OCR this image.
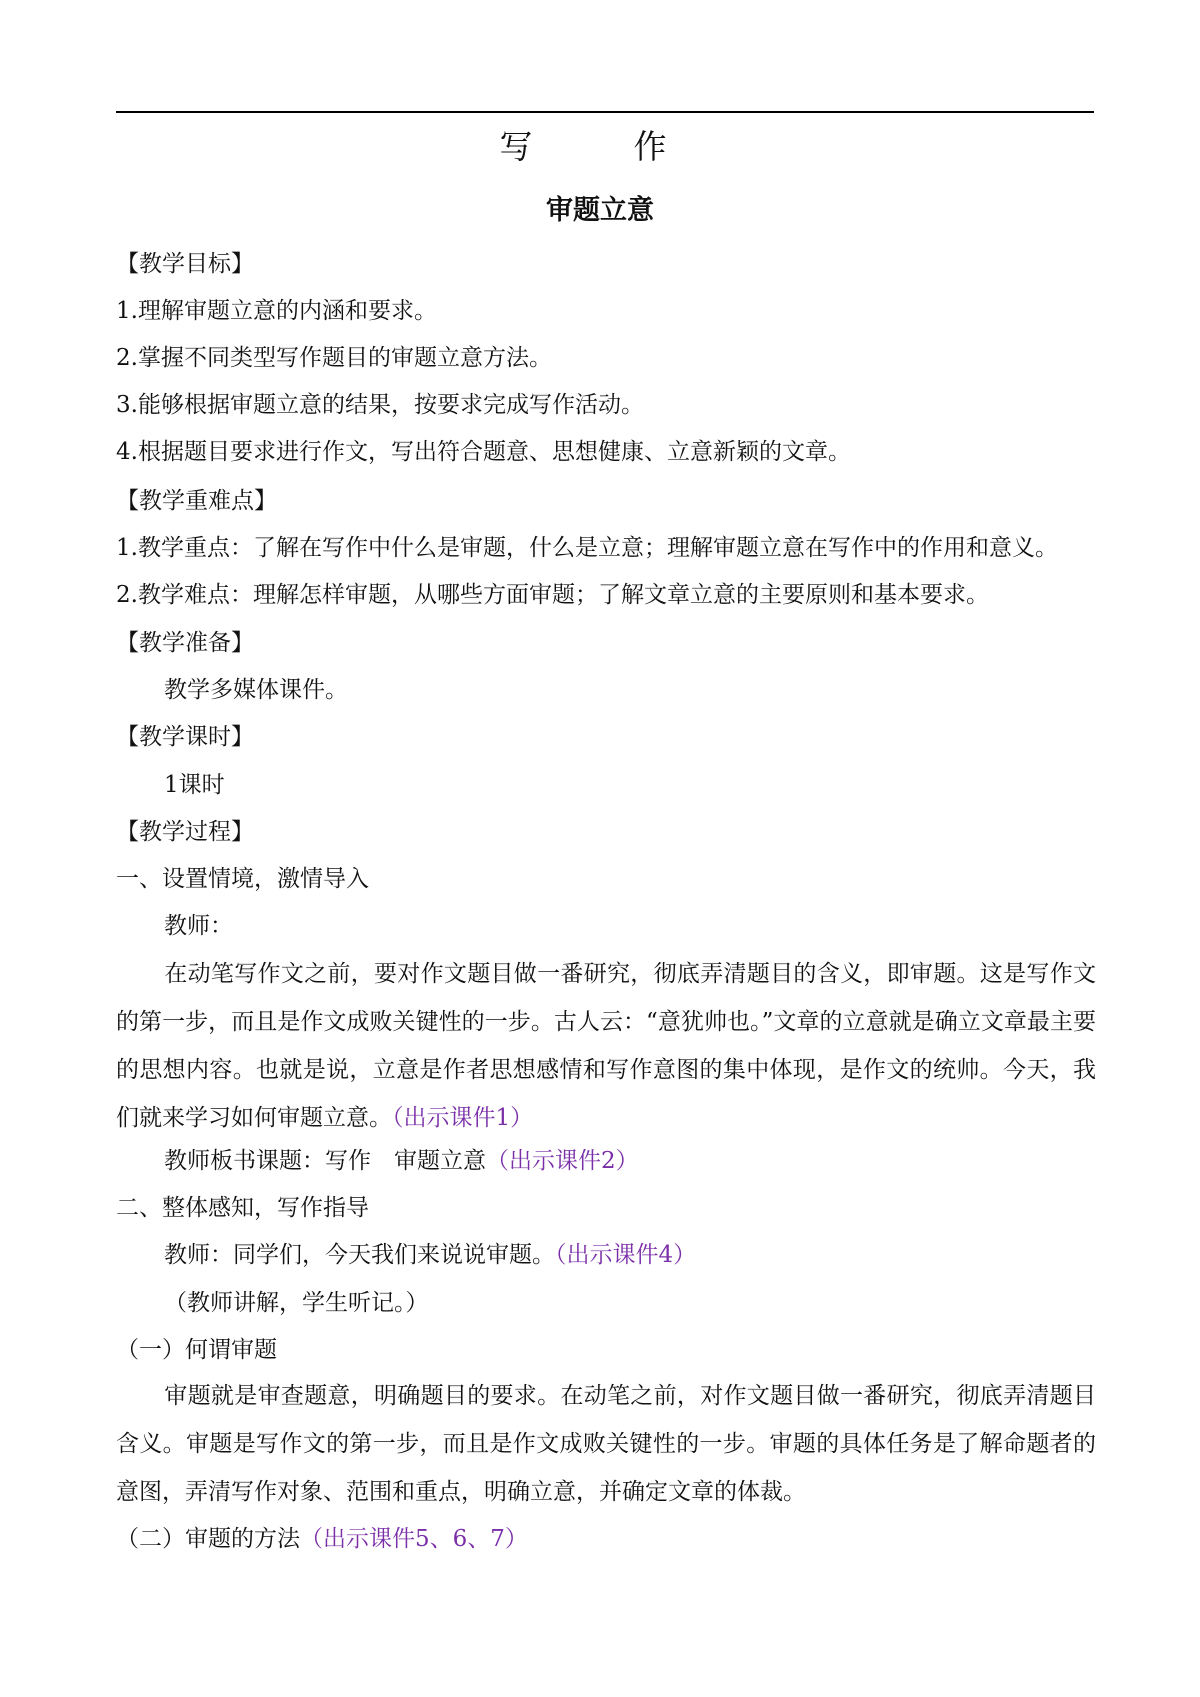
写　作
审题立意
【教学目标】
1.理解审题立意的内涵和要求。
2.掌握不同类型写作题目的审题立意方法。
3.能够根据审题立意的结果，按要求完成写作活动。
4.根据题目要求进行作文，写出符合题意、思想健康、立意新颖的文章。
【教学重难点】
1.教学重点：了解在写作中什么是审题，什么是立意；理解审题立意在写作中的作用和意义。
2.教学难点：理解怎样审题，从哪些方面审题；了解文章立意的主要原则和基本要求。
【教学准备】
教学多媒体课件。
【教学课时】
1课时
【教学过程】
一、设置情境，激情导入
教师：
在动笔写作文之前，要对作文题目做一番研究，彻底弄清题目的含义，即审题。这是写作文的第一步，而且是作文成败关键性的一步。古人云：“意犹帅也。”文章的立意就是确立文章最主要的思想内容。也就是说，立意是作者思想感情和写作意图的集中体现，是作文的统帅。今天，我们就来学习如何审题立意。（出示课件1）
教师板书课题：写作　审题立意（出示课件2）
二、整体感知，写作指导
教师：同学们，今天我们来说说审题。（出示课件4）
（教师讲解，学生听记。）
（一）何谓审题
审题就是审查题意，明确题目的要求。在动笔之前，对作文题目做一番研究，彻底弄清题目含义。审题是写作文的第一步，而且是作文成败关键性的一步。审题的具体任务是了解命题者的意图，弄清写作对象、范围和重点，明确立意，并确定文章的体裁。
（二）审题的方法（出示课件5、6、7）
